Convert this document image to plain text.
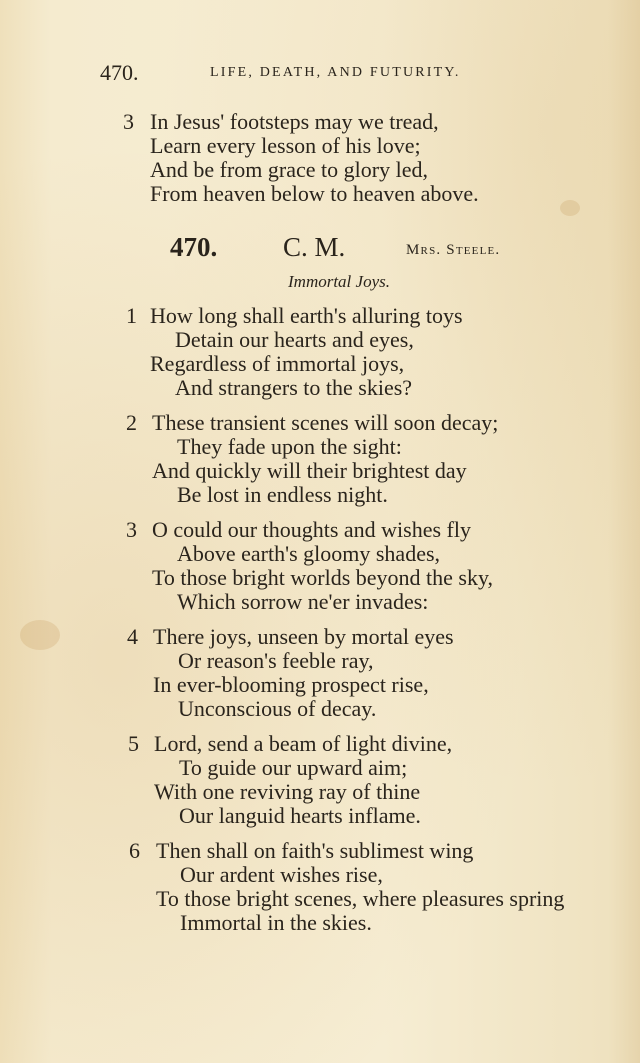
470.	LIFE, DEATH, AND FUTURITY.
3 In Jesus' footsteps may we tread,
Learn every lesson of his love;
And be from grace to glory led,
From heaven below to heaven above.
470. C. M.	Mrs. Steele.
Immortal Joys.
1 How long shall earth's alluring toys
Detain our hearts and eyes,
Regardless of immortal joys,
And strangers to the skies?
2 These transient scenes will soon decay;
They fade upon the sight:
And quickly will their brightest day
Be lost in endless night.
3 O could our thoughts and wishes fly
Above earth's gloomy shades,
To those bright worlds beyond the sky,
Which sorrow ne'er invades:
4 There joys, unseen by mortal eyes
Or reason's feeble ray,
In ever-blooming prospect rise,
Unconscious of decay.
5 Lord, send a beam of light divine,
To guide our upward aim;
With one reviving ray of thine
Our languid hearts inflame.
6 Then shall on faith's sublimest wing
Our ardent wishes rise,
To those bright scenes, where pleasures spring
Immortal in the skies.
